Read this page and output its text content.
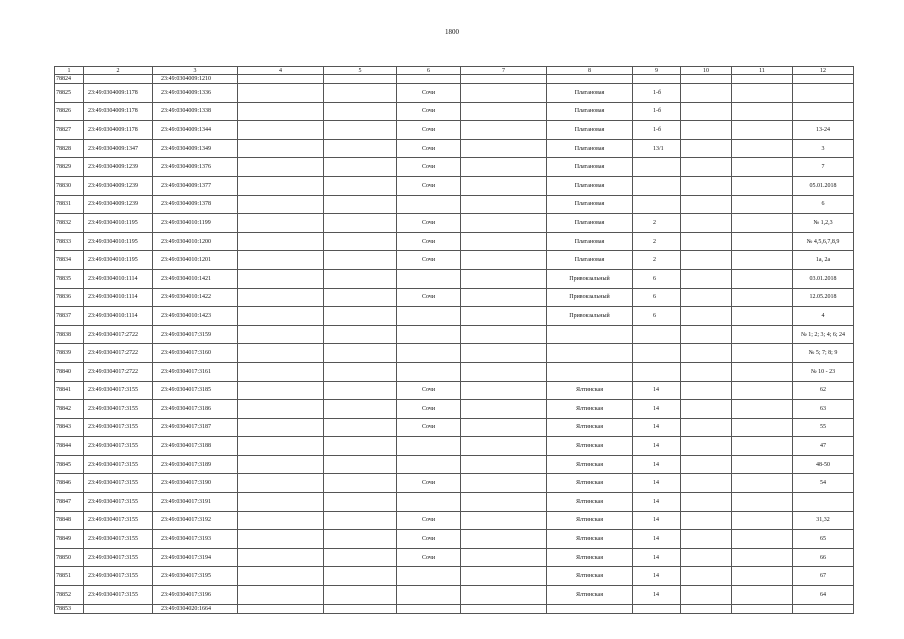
1800
1	2	3	4	5	6	7	8	9	10	11	12
78824		23:49:0304009:1210									
78825	23:49:0304009:1178	23:49:0304009:1336			Сочи		Платановая	1-б			
78826	23:49:0304009:1178	23:49:0304009:1338			Сочи		Платановая	1-б			
78827	23:49:0304009:1178	23:49:0304009:1344			Сочи		Платановая	1-б			13-24
78828	23:49:0304009:1347	23:49:0304009:1349			Сочи		Платановая	13/1			3
78829	23:49:0304009:1239	23:49:0304009:1376			Сочи		Платановая				7
78830	23:49:0304009:1239	23:49:0304009:1377			Сочи		Платановая				05.01.2018
78831	23:49:0304009:1239	23:49:0304009:1378					Платановая				6
78832	23:49:0304010:1195	23:49:0304010:1199			Сочи		Платановая	2			№ 1,2,3
78833	23:49:0304010:1195	23:49:0304010:1200			Сочи		Платановая	2			№ 4,5,6,7,8,9
78834	23:49:0304010:1195	23:49:0304010:1201			Сочи		Платановая	2			1а, 2а
78835	23:49:0304010:1114	23:49:0304010:1421					Привокзальный	6			03.01.2018
78836	23:49:0304010:1114	23:49:0304010:1422			Сочи		Привокзальный	6			12.05.2018
78837	23:49:0304010:1114	23:49:0304010:1423					Привокзальный	6			4
78838	23:49:0304017:2722	23:49:0304017:3159									№ 1; 2; 3; 4; 6; 24
78839	23:49:0304017:2722	23:49:0304017:3160									№ 5; 7; 8; 9
78840	23:49:0304017:2722	23:49:0304017:3161									№ 10 - 23
78841	23:49:0304017:3155	23:49:0304017:3185			Сочи		Ялтинская	14			62
78842	23:49:0304017:3155	23:49:0304017:3186			Сочи		Ялтинская	14			63
78843	23:49:0304017:3155	23:49:0304017:3187			Сочи		Ялтинская	14			55
78844	23:49:0304017:3155	23:49:0304017:3188					Ялтинская	14			47
78845	23:49:0304017:3155	23:49:0304017:3189					Ялтинская	14			48-50
78846	23:49:0304017:3155	23:49:0304017:3190			Сочи		Ялтинская	14			54
78847	23:49:0304017:3155	23:49:0304017:3191					Ялтинская	14			
78848	23:49:0304017:3155	23:49:0304017:3192			Сочи		Ялтинская	14			31,32
78849	23:49:0304017:3155	23:49:0304017:3193			Сочи		Ялтинская	14			65
78850	23:49:0304017:3155	23:49:0304017:3194			Сочи		Ялтинская	14			66
78851	23:49:0304017:3155	23:49:0304017:3195					Ялтинская	14			67
78852	23:49:0304017:3155	23:49:0304017:3196					Ялтинская	14			64
78853		23:49:0304020:1664									
